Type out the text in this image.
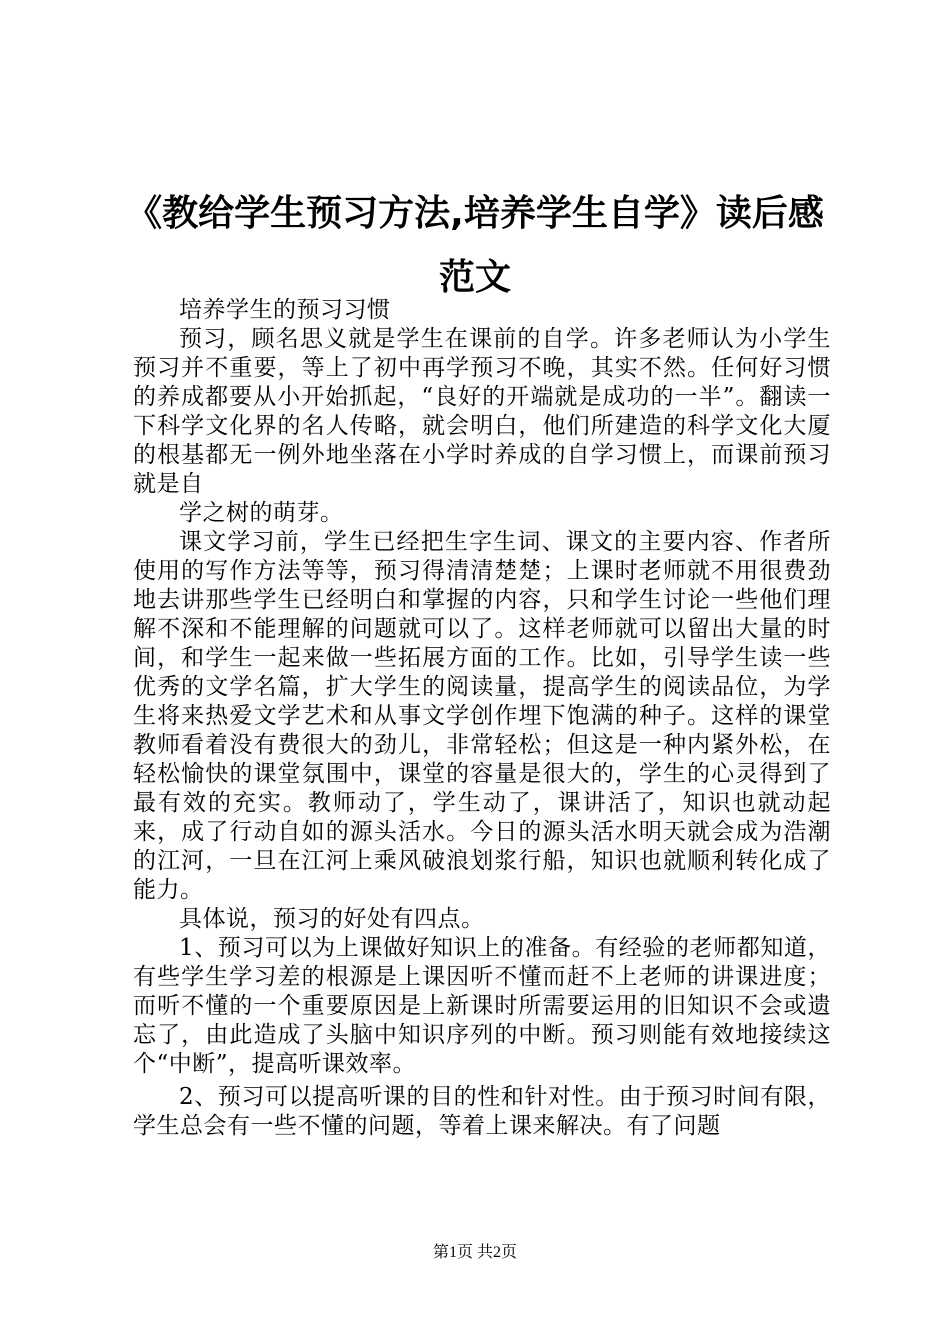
《教给学生预习方法,培养学生自学》读后感范文

培养学生的预习习惯

预习，顾名思义就是学生在课前的自学。许多老师认为小学生预习并不重要，等上了初中再学预习不晚，其实不然。任何好习惯的养成都要从小开始抓起，“良好的开端就是成功的一半”。翻读一下科学文化界的名人传略，就会明白，他们所建造的科学文化大厦的根基都无一例外地坐落在小学时养成的自学习惯上，而课前预习就是自

学之树的萌芽。

课文学习前，学生已经把生字生词、课文的主要内容、作者所使用的写作方法等等，预习得清清楚楚；上课时老师就不用很费劲地去讲那些学生已经明白和掌握的内容，只和学生讨论一些他们理解不深和不能理解的问题就可以了。这样老师就可以留出大量的时间，和学生一起来做一些拓展方面的工作。比如，引导学生读一些优秀的文学名篇，扩大学生的阅读量，提高学生的阅读品位，为学生将来热爱文学艺术和从事文学创作埋下饱满的种子。这样的课堂教师看着没有费很大的劲儿，非常轻松；但这是一种内紧外松，在轻松愉快的课堂氛围中，课堂的容量是很大的，学生的心灵得到了最有效的充实。教师动了，学生动了，课讲活了，知识也就动起来，成了行动自如的源头活水。今日的源头活水明天就会成为浩潮的江河，一旦在江河上乘风破浪划浆行船，知识也就顺利转化成了能力。

具体说，预习的好处有四点。

1、预习可以为上课做好知识上的准备。有经验的老师都知道，有些学生学习差的根源是上课因听不懂而赶不上老师的讲课进度；而听不懂的一个重要原因是上新课时所需要运用的旧知识不会或遗忘了，由此造成了头脑中知识序列的中断。预习则能有效地接续这个“中断”，提高听课效率。

2、预习可以提高听课的目的性和针对性。由于预习时间有限，学生总会有一些不懂的问题，等着上课来解决。有了问题

第1页 共2页
